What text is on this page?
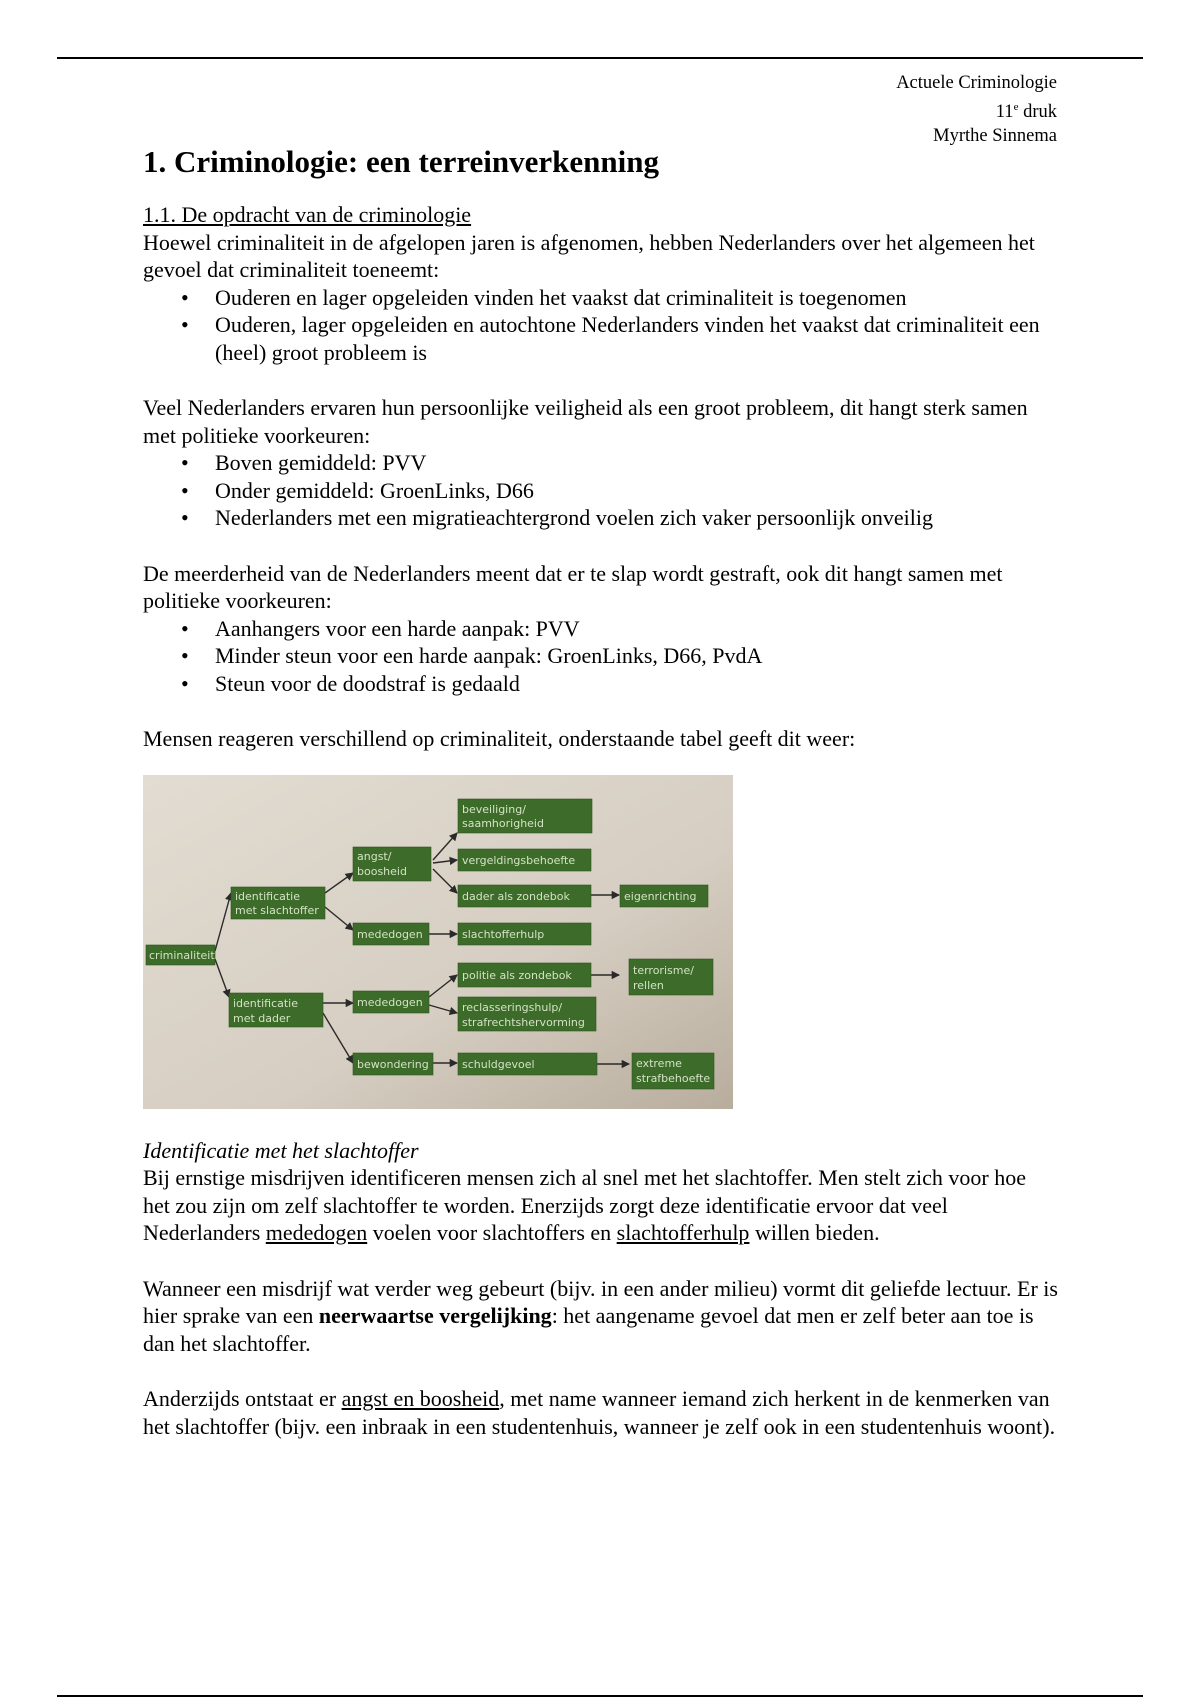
Actuele Criminologie
11e druk
Myrthe Sinnema
1. Criminologie: een terreinverkenning

1.1. De opdracht van de criminologie

Hoewel criminaliteit in de afgelopen jaren is afgenomen, hebben Nederlanders over het algemeen het gevoel dat criminaliteit toeneemt:

• Ouderen en lager opgeleiden vinden het vaakst dat criminaliteit is toegenomen
• Ouderen, lager opgeleiden en autochtone Nederlanders vinden het vaakst dat criminaliteit een (heel) groot probleem is

Veel Nederlanders ervaren hun persoonlijke veiligheid als een groot probleem, dit hangt sterk samen met politieke voorkeuren:

• Boven gemiddeld: PVV
• Onder gemiddeld: GroenLinks, D66
• Nederlanders met een migratieachtergrond voelen zich vaker persoonlijk onveilig

De meerderheid van de Nederlanders meent dat er te slap wordt gestraft, ook dit hangt samen met politieke voorkeuren:

• Aanhangers voor een harde aanpak: PVV
• Minder steun voor een harde aanpak: GroenLinks, D66, PvdA
• Steun voor de doodstraf is gedaald

Mensen reageren verschillend op criminaliteit, onderstaande tabel geeft dit weer:

criminaliteit
identificatie
met slachtoffer
identificatie
met dader
angst/
boosheid
mededogen
mededogen
bewondering
beveiliging/
saamhorigheid
vergeldingsbehoefte
dader als zondebok
slachtofferhulp
politie als zondebok
reclasseringshulp/
strafrechtshervorming
schuldgevoel
eigenrichting
terrorisme/
rellen
extreme
strafbehoefte

Identificatie met het slachtoffer

Bij ernstige misdrijven identificeren mensen zich al snel met het slachtoffer. Men stelt zich voor hoe het zou zijn om zelf slachtoffer te worden. Enerzijds zorgt deze identificatie ervoor dat veel Nederlanders mededogen voelen voor slachtoffers en slachtofferhulp willen bieden.

Wanneer een misdrijf wat verder weg gebeurt (bijv. in een ander milieu) vormt dit geliefde lectuur. Er is hier sprake van een neerwaartse vergelijking: het aangename gevoel dat men er zelf beter aan toe is dan het slachtoffer.

Anderzijds ontstaat er angst en boosheid, met name wanneer iemand zich herkent in de kenmerken van het slachtoffer (bijv. een inbraak in een studentenhuis, wanneer je zelf ook in een studentenhuis woont).
